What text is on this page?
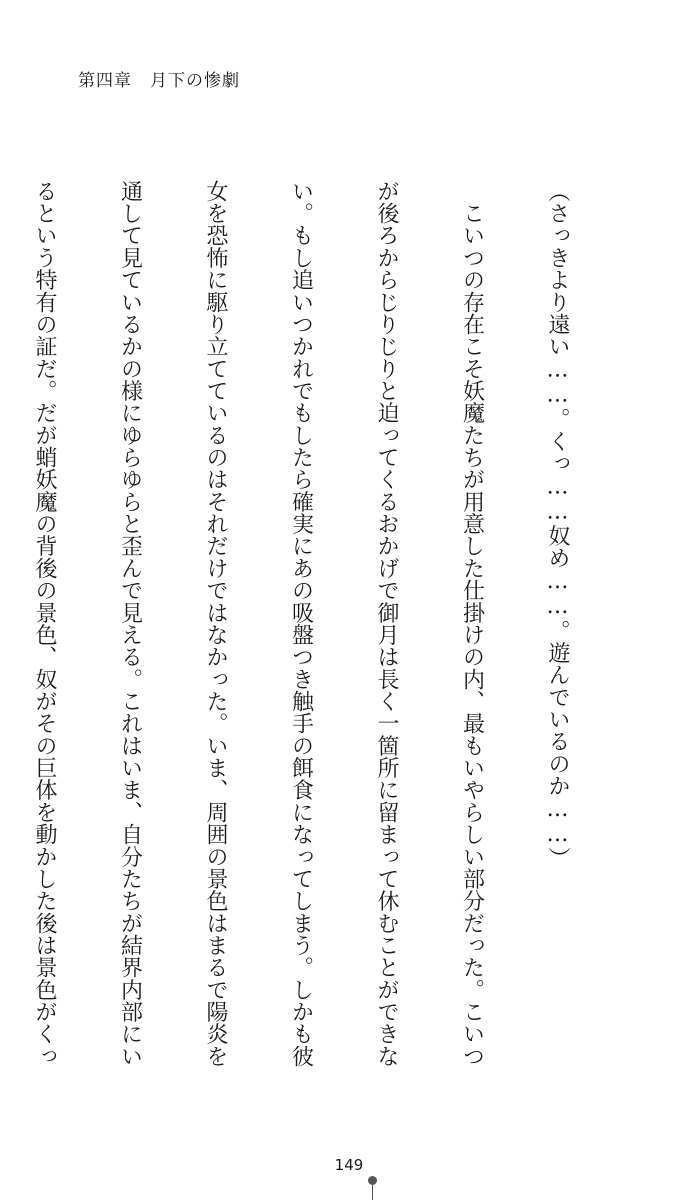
第四章　月下の惨劇

（さっきより遠い……。くっ……奴め……。遊んでいるのか……）

　こいつの存在こそ妖魔たちが用意した仕掛けの内、最もいやらしい部分だった。こいつ

が後ろからじりじりと迫ってくるおかげで御月は長く一箇所に留まって休むことができな

い。もし追いつかれでもしたら確実にあの吸盤つき触手の餌食になってしまう。しかも彼

女を恐怖に駆り立てているのはそれだけではなかった。いま、周囲の景色はまるで陽炎を

通して見ているかの様にゆらゆらと歪んで見える。これはいま、自分たちが結界内部にい

るという特有の証だ。だが蛸妖魔の背後の景色、奴がその巨体を動かした後は景色がくっ

149
